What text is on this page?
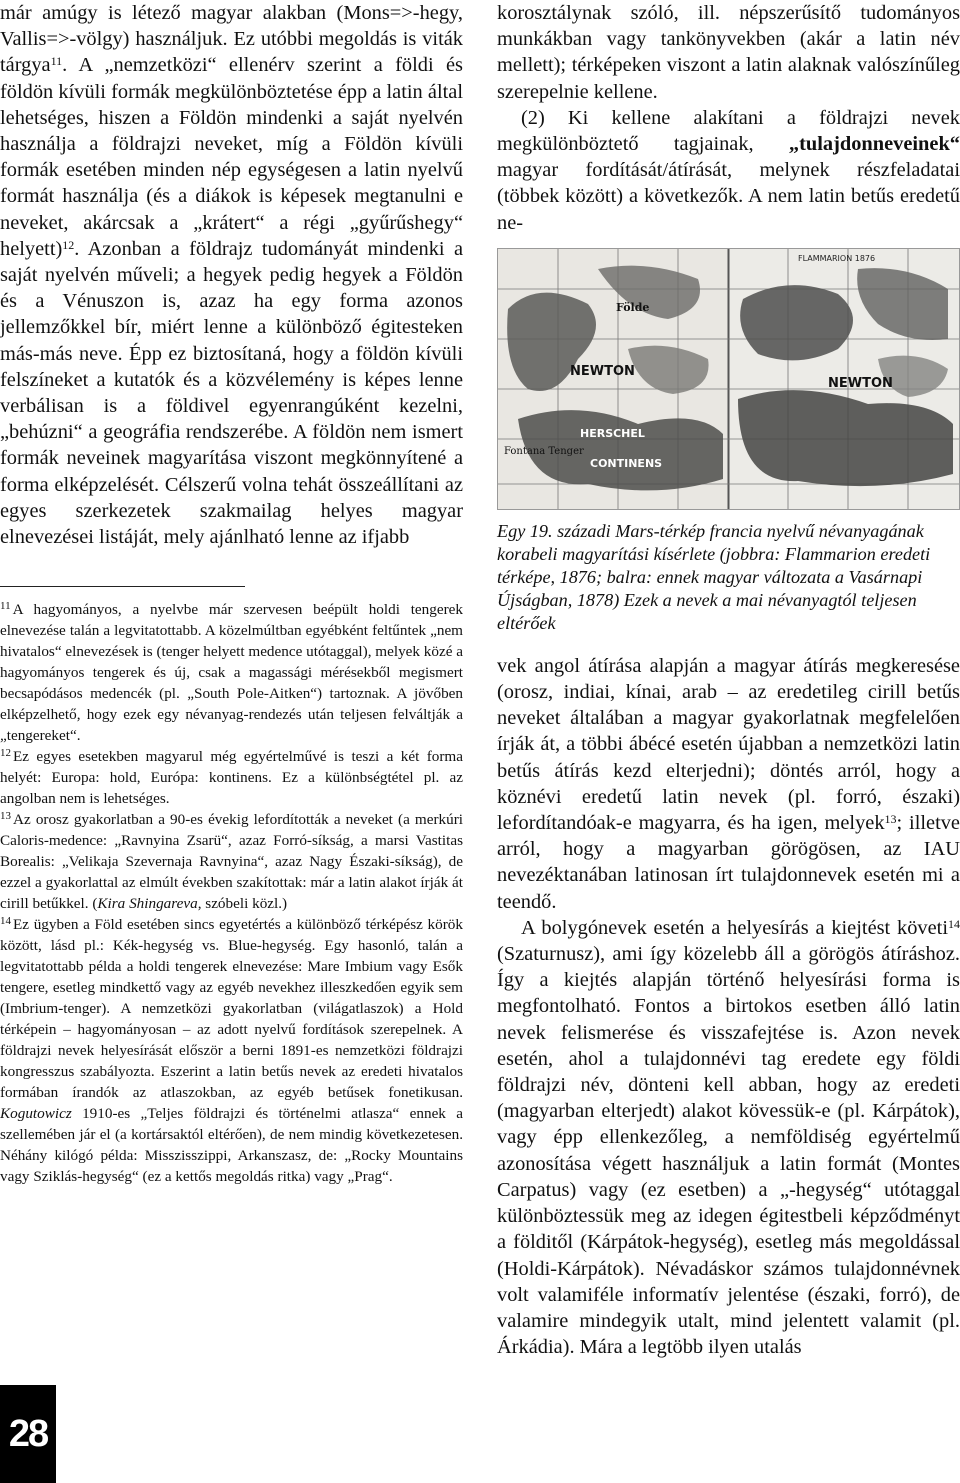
már amúgy is létező magyar alakban (Mons=>-hegy, Vallis=>-völgy) használjuk. Ez utóbbi megoldás is viták tárgya$^{11}$. A „nemzetközi“ ellenérv szerint a földi és földön kívüli formák megkülönböztetése épp a latin által lehetséges, hiszen a Földön mindenki a saját nyelvén használja a földrajzi neveket, míg a Földön kívüli formák esetében minden nép egységesen a latin nyelvű formát használja (és a diákok is képesek megtanulni e neveket, akárcsak a „krátert“ a régi „gyűrűshegy“ helyett)$^{12}$. Azonban a földrajz tudományát mindenki a saját nyelvén műveli; a hegyek pedig hegyek a Földön és a Vénuszon is, azaz ha egy forma azonos jellemzőkkel bír, miért lenne a különböző égitesteken más-más neve. Épp ez biztosítaná, hogy a földön kívüli felszíneket a kutatók és a közvélemény is képes lenne verbálisan is a földivel egyenrangúként kezelni, „behúzni“ a geográfia rendszerébe. A földön nem ismert formák neveinek magyarítása viszont megkönnyítené a forma elképzelését. Célszerű volna tehát összeállítani az egyes szerkezetek szakmailag helyes magyar elnevezései listáját, mely ajánlható lenne az ifjabb

$^{11}$ A hagyományos, a nyelvbe már szervesen beépült holdi tengerek elnevezése talán a legvitatottabb. A közelmúltban egyébként feltűntek „nem hivatalos“ elnevezések is (tenger helyett medence utótaggal), melyek közé a hagyományos tengerek és új, csak a magassági mérésekből megismert becsapódásos medencék (pl. „South Pole-Aitken“) tartoznak. A jövőben elképzelhető, hogy ezek egy névanyag-rendezés után teljesen felváltják a „tengereket“.

$^{12}$ Ez egyes esetekben magyarul még egyértelművé is teszi a két forma helyét: Europa: hold, Európa: kontinens. Ez a különbségtétel pl. az angolban nem is lehetséges.

$^{13}$ Az orosz gyakorlatban a 90-es évekig lefordították a neveket (a merkúri Caloris-medence: „Ravnyina Zsarü“, azaz Forró-síkság, a marsi Vastitas Borealis: „Velikaja Szevernaja Ravnyina“, azaz Nagy Északi-síkság), de ezzel a gyakorlattal az elmúlt években szakítottak: már a latin alakot írják át cirill betűkkel. (Kira Shingareva, szóbeli közl.)

$^{14}$ Ez ügyben a Föld esetében sincs egyetértés a különböző térképész körök között, lásd pl.: Kék-hegység vs. Blue-hegység. Egy hasonló, talán a legvitatottabb példa a holdi tengerek elnevezése: Mare Imbium vagy Esők tengere, esetleg mindkettő vagy az egyéb nevekhez illeszkedően egyik sem (Imbrium-tenger). A nemzetközi gyakorlatban (világatlaszok) a Hold térképein – hagyományosan – az adott nyelvű fordítások szerepelnek. A földrajzi nevek helyesírását először a berni 1891-es nemzetközi földrajzi kongresszus szabályozta. Eszerint a latin betűs nevek az eredeti hivatalos formában írandók az atlaszokban, az egyéb betűsek fonetikusan. Kogutowicz 1910-es „Teljes földrajzi és történelmi atlasza“ ennek a szellemében jár el (a kortársaktól eltérően), de nem mindig következetesen. Néhány kilógó példa: Misszisszippi, Arkanszasz, de: „Rocky Mountains vagy Sziklás-hegység“ (ez a kettős megoldás ritka) vagy „Prag“.

korosztálynak szóló, ill. népszerűsítő tudományos munkákban vagy tankönyvekben (akár a latin név mellett); térképeken viszont a latin alaknak valószínűleg szerepelnie kellene.

(2) Ki kellene alakítani a földrajzi nevek megkülönböztető tagjainak, „tulajdonneveinek“ magyar fordítását/átírását, melynek részfeladatai (többek között) a következők. A nem latin betűs eredetű ne-

Földe
Fontana Tenger
NEWTON
HERSCHEL
CONTINENS
FLAMMARION 1876
NEWTON
Egy 19. századi Mars-térkép francia nyelvű névanyagának korabeli magyarítási kísérlete (jobbra: Flammarion eredeti térképe, 1876; balra: ennek magyar változata a Vasárnapi Újságban, 1878) Ezek a nevek a mai névanyagtól teljesen eltérőek

vek angol átírása alapján a magyar átírás megkeresése (orosz, indiai, kínai, arab – az eredetileg cirill betűs neveket általában a magyar gyakorlatnak megfelelően írják át, a többi ábécé esetén újabban a nemzetközi latin betűs átírás kezd elterjedni); döntés arról, hogy a köznévi eredetű latin nevek (pl. forró, északi) lefordítandóak-e magyarra, és ha igen, melyek$^{13}$; illetve arról, hogy a magyarban görögösen, az IAU nevezéktanában latinosan írt tulajdonnevek esetén mi a teendő.

A bolygónevek esetén a helyesírás a kiejtést követi$^{14}$ (Szaturnusz), ami így közelebb áll a görögös átíráshoz. Így a kiejtés alapján történő helyesírási forma is megfontolható. Fontos a birtokos esetben álló latin nevek felismerése és visszafejtése is. Azon nevek esetén, ahol a tulajdonnévi tag eredete egy földi földrajzi név, dönteni kell abban, hogy az eredeti (magyarban elterjedt) alakot kövessük-e (pl. Kárpátok), vagy épp ellenkezőleg, a nemföldiség egyértelmű azonosítása végett használjuk a latin formát (Montes Carpatus) vagy (ez esetben) a „-hegység“ utótaggal különböztessük meg az idegen égitestbeli képződményt a földitől (Kárpátok-hegység), esetleg más megoldással (Holdi-Kárpátok). Névadáskor számos tulajdonnévnek volt valamiféle informatív jelentése (északi, forró), de valamire mindegyik utalt, mind jelentett valamit (pl. Árkádia). Mára a legtöbb ilyen utalás

28
